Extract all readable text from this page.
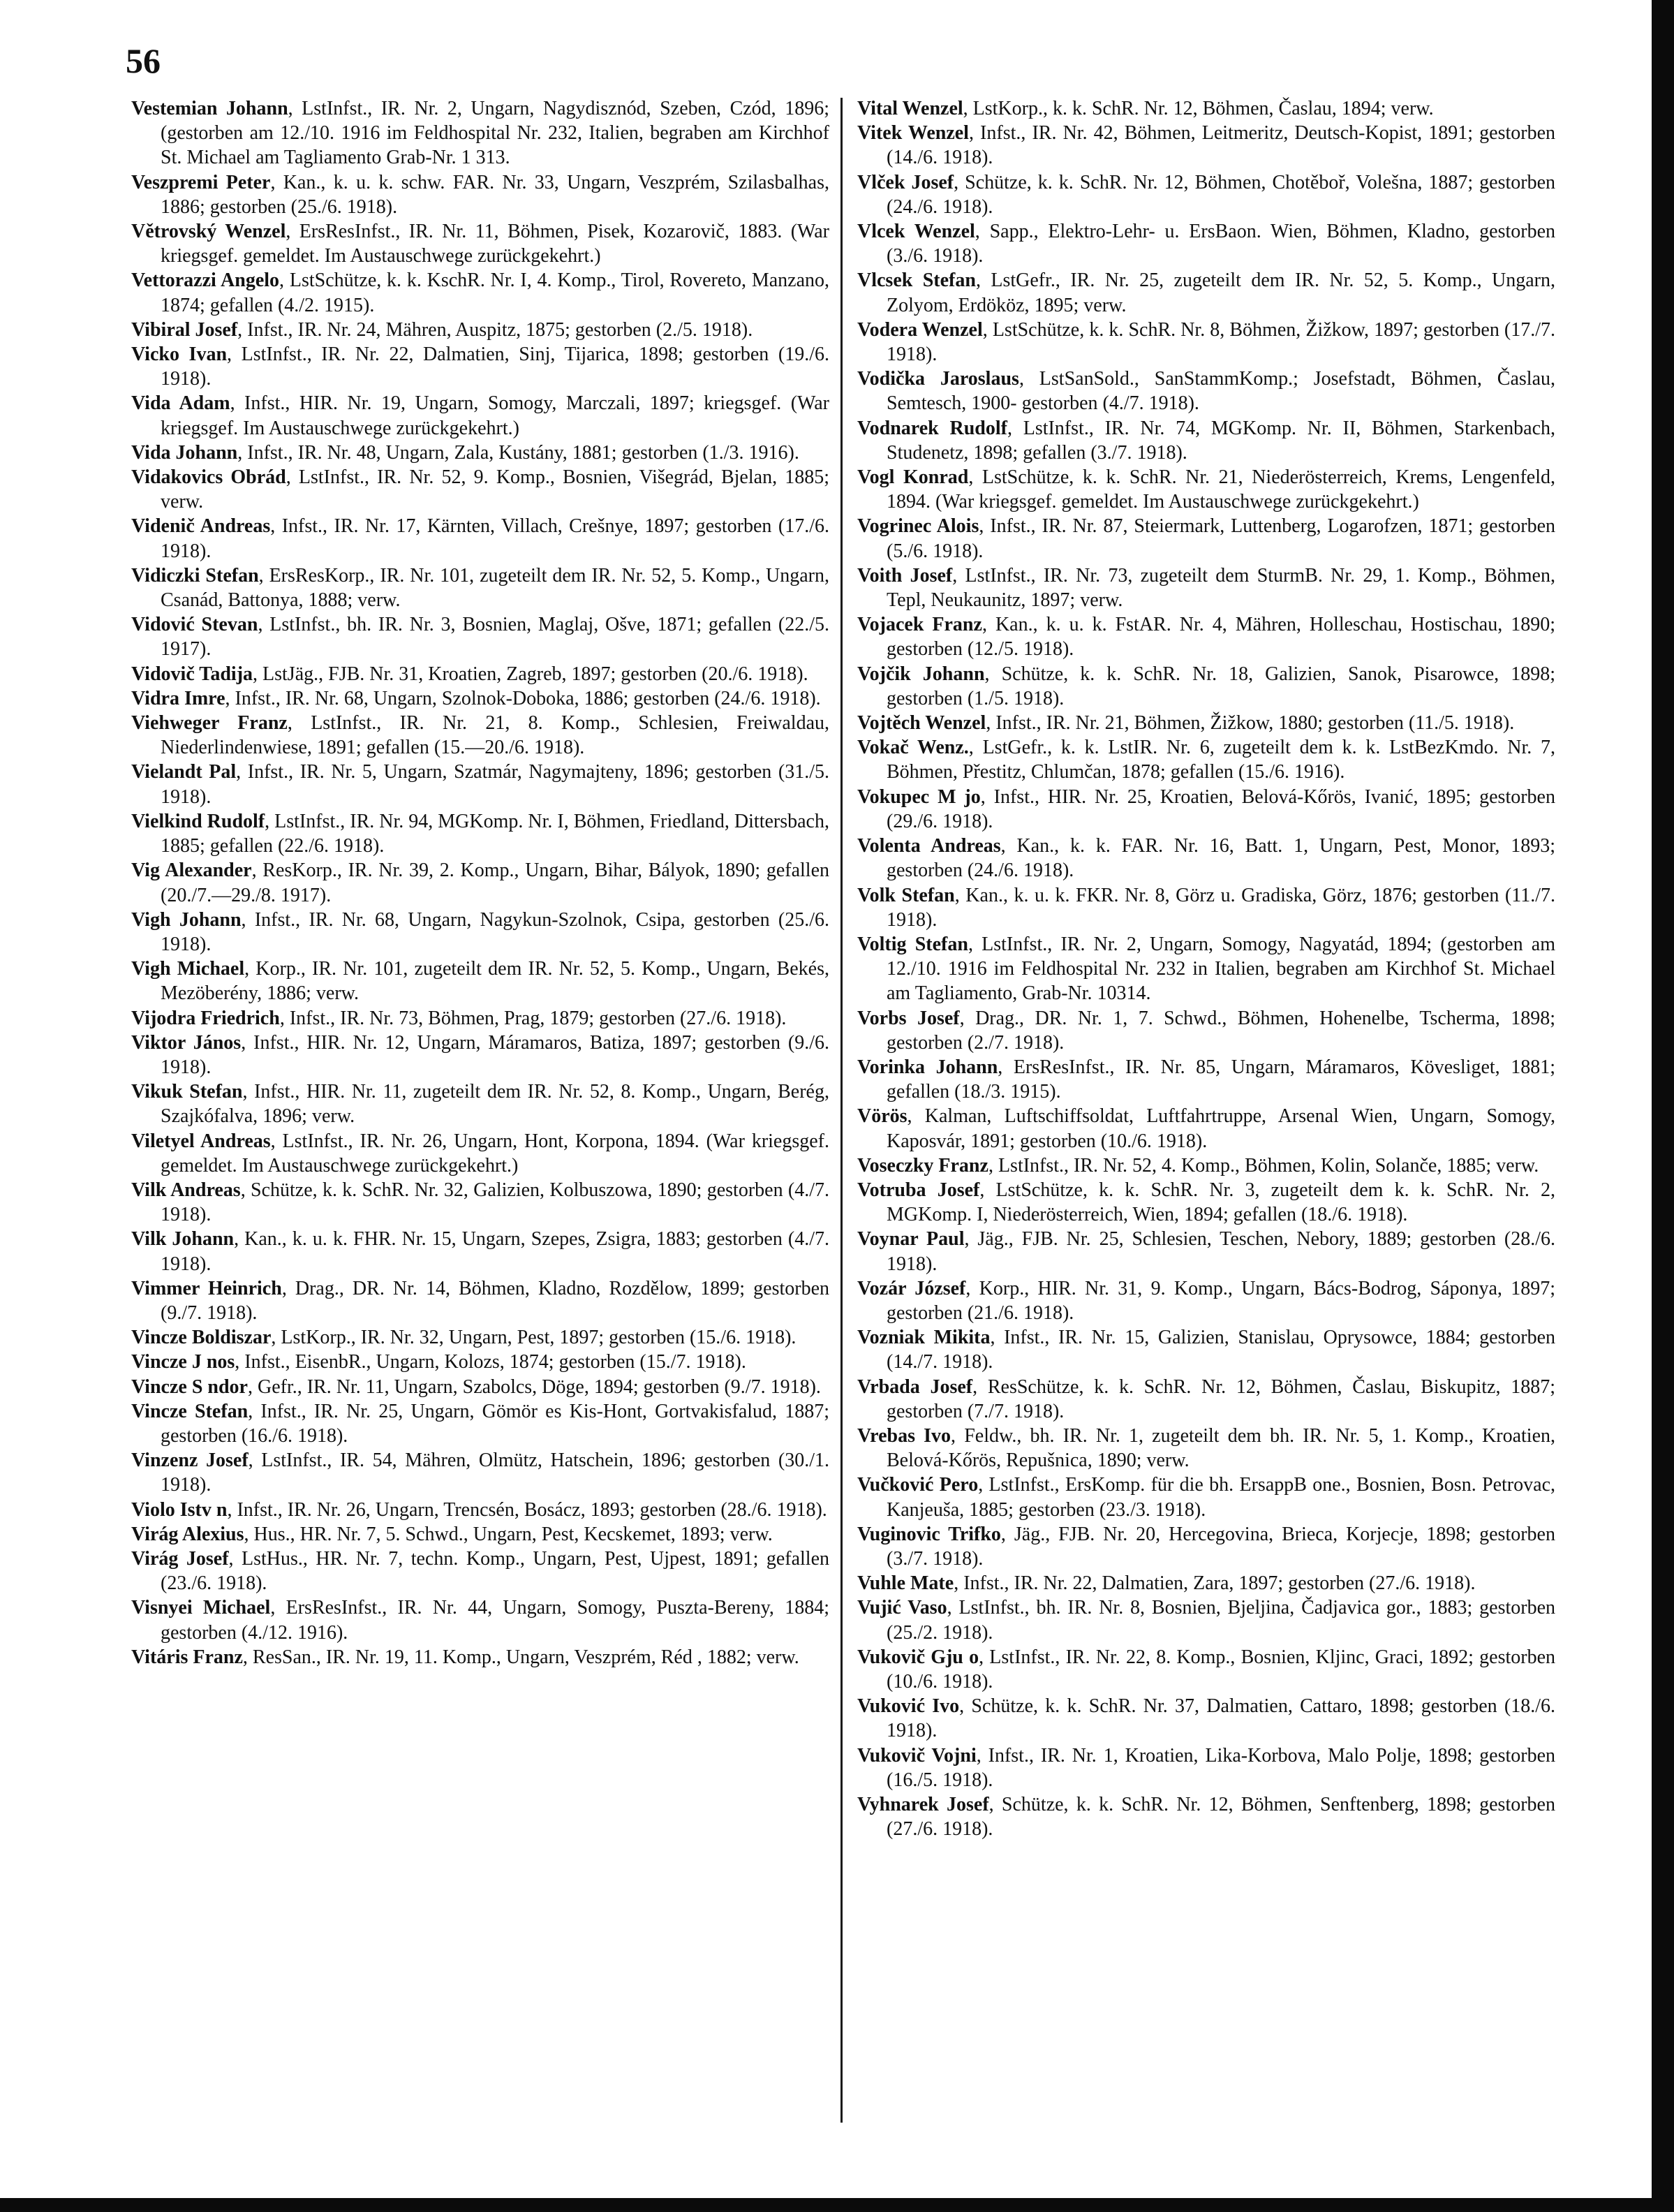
56

Vestemian Johann, LstInfst., IR. Nr. 2, Ungarn, Nagydisznód, Szeben, Czód, 1896; (gestorben am 12./10. 1916 im Feldhospital Nr. 232, Italien, begraben am Kirchhof St. Michael am Tagliamento Grab-Nr. 1 313.

Veszpremi Peter, Kan., k. u. k. schw. FAR. Nr. 33, Ungarn, Veszprém, Szilasbalhas, 1886; gestorben (25./6. 1918).

Větrovský Wenzel, ErsResInfst., IR. Nr. 11, Böhmen, Pisek, Kozarovič, 1883. (War kriegsgef. gemeldet. Im Austauschwege zurückgekehrt.)

Vettorazzi Angelo, LstSchütze, k. k. KschR. Nr. I, 4. Komp., Tirol, Rovereto, Manzano, 1874; gefallen (4./2. 1915).

Vibiral Josef, Infst., IR. Nr. 24, Mähren, Auspitz, 1875; gestorben (2./5. 1918).

Vicko Ivan, LstInfst., IR. Nr. 22, Dalmatien, Sinj, Tijarica, 1898; gestorben (19./6. 1918).

Vida Adam, Infst., HIR. Nr. 19, Ungarn, Somogy, Marczali, 1897; kriegsgef. (War kriegsgef. Im Austauschwege zurückgekehrt.)

Vida Johann, Infst., IR. Nr. 48, Ungarn, Zala, Kustány, 1881; gestorben (1./3. 1916).

Vidakovics Obrád, LstInfst., IR. Nr. 52, 9. Komp., Bosnien, Višegrád, Bjelan, 1885; verw.

Videnič Andreas, Infst., IR. Nr. 17, Kärnten, Villach, Crešnye, 1897; gestorben (17./6. 1918).

Vidiczki Stefan, ErsResKorp., IR. Nr. 101, zugeteilt dem IR. Nr. 52, 5. Komp., Ungarn, Csanád, Battonya, 1888; verw.

Vidović Stevan, LstInfst., bh. IR. Nr. 3, Bosnien, Maglaj, Ošve, 1871; gefallen (22./5. 1917).

Vidovič Tadija, LstJäg., FJB. Nr. 31, Kroatien, Zagreb, 1897; gestorben (20./6. 1918).

Vidra Imre, Infst., IR. Nr. 68, Ungarn, Szolnok-Doboka, 1886; gestorben (24./6. 1918).

Viehweger Franz, LstInfst., IR. Nr. 21, 8. Komp., Schlesien, Freiwaldau, Niederlindenwiese, 1891; gefallen (15.—20./6. 1918).

Vielandt Pal, Infst., IR. Nr. 5, Ungarn, Szatmár, Nagymajteny, 1896; gestorben (31./5. 1918).

Vielkind Rudolf, LstInfst., IR. Nr. 94, MGKomp. Nr. I, Böhmen, Friedland, Dittersbach, 1885; gefallen (22./6. 1918).

Vig Alexander, ResKorp., IR. Nr. 39, 2. Komp., Ungarn, Bihar, Bályok, 1890; gefallen (20./7.—29./8. 1917).

Vigh Johann, Infst., IR. Nr. 68, Ungarn, Nagykun-Szolnok, Csipa, gestorben (25./6. 1918).

Vigh Michael, Korp., IR. Nr. 101, zugeteilt dem IR. Nr. 52, 5. Komp., Ungarn, Bekés, Mezöberény, 1886; verw.

Vijodra Friedrich, Infst., IR. Nr. 73, Böhmen, Prag, 1879; gestorben (27./6. 1918).

Viktor János, Infst., HIR. Nr. 12, Ungarn, Máramaros, Batiza, 1897; gestorben (9./6. 1918).

Vikuk Stefan, Infst., HIR. Nr. 11, zugeteilt dem IR. Nr. 52, 8. Komp., Ungarn, Berég, Szajkófalva, 1896; verw.

Viletyel Andreas, LstInfst., IR. Nr. 26, Ungarn, Hont, Korpona, 1894. (War kriegsgef. gemeldet. Im Austauschwege zurückgekehrt.)

Vilk Andreas, Schütze, k. k. SchR. Nr. 32, Galizien, Kolbuszowa, 1890; gestorben (4./7. 1918).

Vilk Johann, Kan., k. u. k. FHR. Nr. 15, Ungarn, Szepes, Zsigra, 1883; gestorben (4./7. 1918).

Vimmer Heinrich, Drag., DR. Nr. 14, Böhmen, Kladno, Rozdělow, 1899; gestorben (9./7. 1918).

Vincze Boldiszar, LstKorp., IR. Nr. 32, Ungarn, Pest, 1897; gestorben (15./6. 1918).

Vincze J nos, Infst., EisenbR., Ungarn, Kolozs, 1874; gestorben (15./7. 1918).

Vincze S ndor, Gefr., IR. Nr. 11, Ungarn, Szabolcs, Döge, 1894; gestorben (9./7. 1918).

Vincze Stefan, Infst., IR. Nr. 25, Ungarn, Gömör es Kis-Hont, Gortvakisfalud, 1887; gestorben (16./6. 1918).

Vinzenz Josef, LstInfst., IR. 54, Mähren, Olmütz, Hatschein, 1896; gestorben (30./1. 1918).

Violo Istv n, Infst., IR. Nr. 26, Ungarn, Trencsén, Bosácz, 1893; gestorben (28./6. 1918).

Virág Alexius, Hus., HR. Nr. 7, 5. Schwd., Ungarn, Pest, Kecskemet, 1893; verw.

Virág Josef, LstHus., HR. Nr. 7, techn. Komp., Ungarn, Pest, Ujpest, 1891; gefallen (23./6. 1918).

Visnyei Michael, ErsResInfst., IR. Nr. 44, Ungarn, Somogy, Puszta-Bereny, 1884; gestorben (4./12. 1916).

Vitáris Franz, ResSan., IR. Nr. 19, 11. Komp., Ungarn, Veszprém, Réd , 1882; verw.

Vital Wenzel, LstKorp., k. k. SchR. Nr. 12, Böhmen, Časlau, 1894; verw.

Vitek Wenzel, Infst., IR. Nr. 42, Böhmen, Leitmeritz, Deutsch-Kopist, 1891; gestorben (14./6. 1918).

Vlček Josef, Schütze, k. k. SchR. Nr. 12, Böhmen, Chotěboř, Volešna, 1887; gestorben (24./6. 1918).

Vlcek Wenzel, Sapp., Elektro-Lehr- u. ErsBaon. Wien, Böhmen, Kladno, gestorben (3./6. 1918).

Vlcsek Stefan, LstGefr., IR. Nr. 25, zugeteilt dem IR. Nr. 52, 5. Komp., Ungarn, Zolyom, Erdököz, 1895; verw.

Vodera Wenzel, LstSchütze, k. k. SchR. Nr. 8, Böhmen, Žižkow, 1897; gestorben (17./7. 1918).

Vodička Jaroslaus, LstSanSold., SanStammKomp.; Josefstadt, Böhmen, Časlau, Semtesch, 1900- gestorben (4./7. 1918).

Vodnarek Rudolf, LstInfst., IR. Nr. 74, MGKomp. Nr. II, Böhmen, Starkenbach, Studenetz, 1898; gefallen (3./7. 1918).

Vogl Konrad, LstSchütze, k. k. SchR. Nr. 21, Niederösterreich, Krems, Lengenfeld, 1894. (War kriegsgef. gemeldet. Im Austauschwege zurückgekehrt.)

Vogrinec Alois, Infst., IR. Nr. 87, Steiermark, Luttenberg, Logarofzen, 1871; gestorben (5./6. 1918).

Voith Josef, LstInfst., IR. Nr. 73, zugeteilt dem SturmB. Nr. 29, 1. Komp., Böhmen, Tepl, Neukaunitz, 1897; verw.

Vojacek Franz, Kan., k. u. k. FstAR. Nr. 4, Mähren, Holleschau, Hostischau, 1890; gestorben (12./5. 1918).

Vojčik Johann, Schütze, k. k. SchR. Nr. 18, Galizien, Sanok, Pisarowce, 1898; gestorben (1./5. 1918).

Vojtěch Wenzel, Infst., IR. Nr. 21, Böhmen, Žižkow, 1880; gestorben (11./5. 1918).

Vokač Wenz., LstGefr., k. k. LstIR. Nr. 6, zugeteilt dem k. k. LstBezKmdo. Nr. 7, Böhmen, Přestitz, Chlumčan, 1878; gefallen (15./6. 1916).

Vokupec M jo, Infst., HIR. Nr. 25, Kroatien, Belová-Kőrös, Ivanić, 1895; gestorben (29./6. 1918).

Volenta Andreas, Kan., k. k. FAR. Nr. 16, Batt. 1, Ungarn, Pest, Monor, 1893; gestorben (24./6. 1918).

Volk Stefan, Kan., k. u. k. FKR. Nr. 8, Görz u. Gradiska, Görz, 1876; gestorben (11./7. 1918).

Voltig Stefan, LstInfst., IR. Nr. 2, Ungarn, Somogy, Nagyatád, 1894; (gestorben am 12./10. 1916 im Feldhospital Nr. 232 in Italien, begraben am Kirchhof St. Michael am Tagliamento, Grab-Nr. 10314.

Vorbs Josef, Drag., DR. Nr. 1, 7. Schwd., Böhmen, Hohenelbe, Tscherma, 1898; gestorben (2./7. 1918).

Vorinka Johann, ErsResInfst., IR. Nr. 85, Ungarn, Máramaros, Kövesliget, 1881; gefallen (18./3. 1915).

Vörös, Kalman, Luftschiffsoldat, Luftfahrtruppe, Arsenal Wien, Ungarn, Somogy, Kaposvár, 1891; gestorben (10./6. 1918).

Voseczky Franz, LstInfst., IR. Nr. 52, 4. Komp., Böhmen, Kolin, Solanče, 1885; verw.

Votruba Josef, LstSchütze, k. k. SchR. Nr. 3, zugeteilt dem k. k. SchR. Nr. 2, MGKomp. I, Niederösterreich, Wien, 1894; gefallen (18./6. 1918).

Voynar Paul, Jäg., FJB. Nr. 25, Schlesien, Teschen, Nebory, 1889; gestorben (28./6. 1918).

Vozár József, Korp., HIR. Nr. 31, 9. Komp., Ungarn, Bács-Bodrog, Sáponya, 1897; gestorben (21./6. 1918).

Vozniak Mikita, Infst., IR. Nr. 15, Galizien, Stanislau, Oprysowce, 1884; gestorben (14./7. 1918).

Vrbada Josef, ResSchütze, k. k. SchR. Nr. 12, Böhmen, Časlau, Biskupitz, 1887; gestorben (7./7. 1918).

Vrebas Ivo, Feldw., bh. IR. Nr. 1, zugeteilt dem bh. IR. Nr. 5, 1. Komp., Kroatien, Belová-Kőrös, Repušnica, 1890; verw.

Vučković Pero, LstInfst., ErsKomp. für die bh. ErsappB one., Bosnien, Bosn. Petrovac, Kanjeuša, 1885; gestorben (23./3. 1918).

Vuginovic Trifko, Jäg., FJB. Nr. 20, Hercegovina, Brieca, Korjecje, 1898; gestorben (3./7. 1918).

Vuhle Mate, Infst., IR. Nr. 22, Dalmatien, Zara, 1897; gestorben (27./6. 1918).

Vujić Vaso, LstInfst., bh. IR. Nr. 8, Bosnien, Bjeljina, Čadjavica gor., 1883; gestorben (25./2. 1918).

Vukovič Gju o, LstInfst., IR. Nr. 22, 8. Komp., Bosnien, Kljinc, Graci, 1892; gestorben (10./6. 1918).

Vuković Ivo, Schütze, k. k. SchR. Nr. 37, Dalmatien, Cattaro, 1898; gestorben (18./6. 1918).

Vukovič Vojni, Infst., IR. Nr. 1, Kroatien, Lika-Korbova, Malo Polje, 1898; gestorben (16./5. 1918).

Vyhnarek Josef, Schütze, k. k. SchR. Nr. 12, Böhmen, Senftenberg, 1898; gestorben (27./6. 1918).
